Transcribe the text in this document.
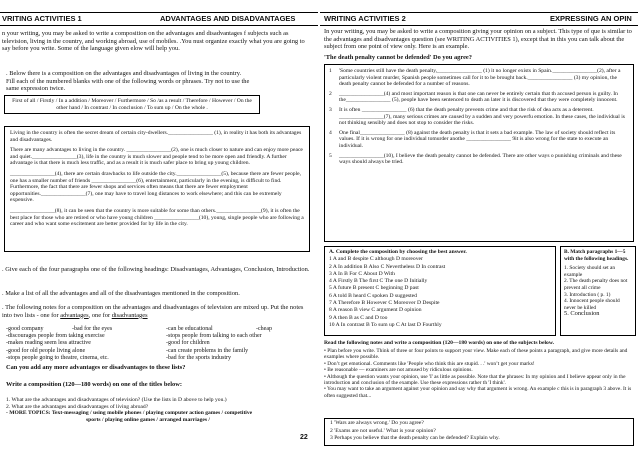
VRITING ACTIVITIES 1	ADVANTAGES AND DISADVANTAGES
n your writing, you may be asked to write a composition on the advantages and disadvantages f subjects such as television, living in the country, and working abroad, use of mobiles. .You nust organize exactly what you are going to say before you write. Some of the language given elow will help you.
. Below there is a composition on the advantages and disadvantages of living in the country. Fill each of the numbered blanks with one of the following words or phrases. Try not to use the same expression twice.
First of all / Firstly / In a addition / Moreover / Furthermore / So /as a result / Therefore / However / On the other hand / In contrast / In conclusion / To sum up / On the whole .
Living in the country is often the secret dream of certain city-dwellers.________________ (1), in reality it has both its advantages and disadvantages.
There are many advantages to living in the country. ________________(2), one is much closer to nature and can enjoy more peace and quiet.________________(3), life in the country is much slower and people tend to be more open and friendly. A further advantage is that there is much less traffic, and as a result it is much safer place to bring up young children.
________________(4), there are certain drawbacks to life outside the city.________________(5), because there are fewer people, one has a smaller number of friends ________________(6), entertainment, particularly in the evening, is difficult to find. Furthermore, the fact that there are fewer shops and services often means that there are fewer employment opportunities.________________(7), one may have to travel long distances to work elsewhere; and this can be extremely expensive.
________________(8), it can be seen that the country is more suitable for some than others.________________(9), it is often the best place for those who are retired or who have young children ________________(10), young, single people who are following a career and who want some excitement are better provided for by life in the city.
. Give each of the four paragraphs one of the following headings: Disadvantages, Advantages, Conclusion, Introduction.
. Make a list of all the advantages and all of the disadvantages mentioned in the composition.
. The following notes for a composition on the advantages and disadvantages of television are mixed up. Put the notes into two lists - one for advantages, one for disadvantages
-good company	-bad for the eyes	-can be educational	-cheap
-discourages people from taking exercise	-stops people from talking to each other
-makes reading seem less attractive	-good for children
-good for old people living alone	-can create problems in the family
-stops people going to theatre, cinema, etc.	-bad for the sports industry
Can you add any more advantages or disadvantages to these lists?
Write a composition (120—180 words) on one of the titles below:
1. What are the advantages and disadvantages of television? (Use the lists in D above to help you.)
2. What are the advantages and disadvantages of living abroad?
- MORE TOPICS: Text-messaging / using mobile phones / playing computer action games / competitive
sports / playing online games / arranged marriages /
22
WRITING ACTIVITIES 2	EXPRESSING AN OPIN
In your writing, you may be asked to write a composition giving your opinion on a subject. This type of que is similar to the advantages and disadvantages question (see WRITING ACTIVITIES 1), except that in this you can talk about the subject from one point of view only. Here is an example.
'The death penalty cannot be defended' Do you agree?
1	'Some countries still have the death penalty,________________ (1) it no longer exists in Spain.________________(2), after a particularly violent murder, Spanish people sometimes call for it to be brought back.________________ (3) my opinion, the death penalty cannot be defended for a number of reasons.
2	________________(4) and most important reason is that one can never be entirely certain that th accused person is guilty. In the________________ (5), people have been sentenced to death an later it is discovered that they were completely innocent.
3	It is often ________________ (6) that the death penalty prevents crime and that the risk of dea acts as a deterrent. ________________(7), many serious crimes are caused by a sudden and very powerfu emotion. In these cases, the individual is not thinking sensibly and does not stop to consider the risks.
4	One final________________ (8) against the death penalty is that it sets a bad example. The law of society should reflect its values. If it is wrong for one individual tomurder anothe ________________ 9it is also wrong for the state to execute an individual.
5	________________(10), I believe the death penalty cannot be defended. There are other ways o punishing criminals and these ways should always be tried.
A. Complete the composition by choosing the best answer.
1 A and B despite C although D moreover
2 A In addition B Also C Nevertheless D In contrast
3 A In B For C About D With
4 A Firstly B The first C The one D Initially
5 A future B present C beginning D past
6 A told B heard C spoken D suggested
7 A Therefore B However C Moreover D Despite
8 A reason B view C argument D opinion
9 A then B as C and D too
10 A In contrast B To sum up C At last D Fourthly
B. Match paragraphs 1—5 with the following headings.
1. Society should set an example
2. The death penalty does not prevent all crime
3. Introduction ( p. 1)
4. Innocent people should never be killed
5. Conclusion
Read the following notes and write a composition (120—180 words) on one of the subjects below.
• Plan before you write. Think of three or four points to support your view. Make each of these points a paragraph, and give more details and examples where possible.
• Don’t get emotional. Comments like 'People who think this are stupid. . .' won’t get your marks!
• Be reasonable — examiners are not amused by ridiculous opinions.
• Although the question wants your opinion, use 'I' as little as possible. Note that the phrases: In my opinion and I believe appear only in the introduction and conclusion of the example. Use these expressions rather th 'I think'.
• You may want to take an argument against your opinion and say why that argument is wrong. An example c this is in paragraph 3 above. It is often suggested that...
1 'Wars are always wrong.' Do you agree?
2 'Exams are not useful.' What is your opinion?
3 Perhaps you believe that the death penalty can be defended? Explain why.
